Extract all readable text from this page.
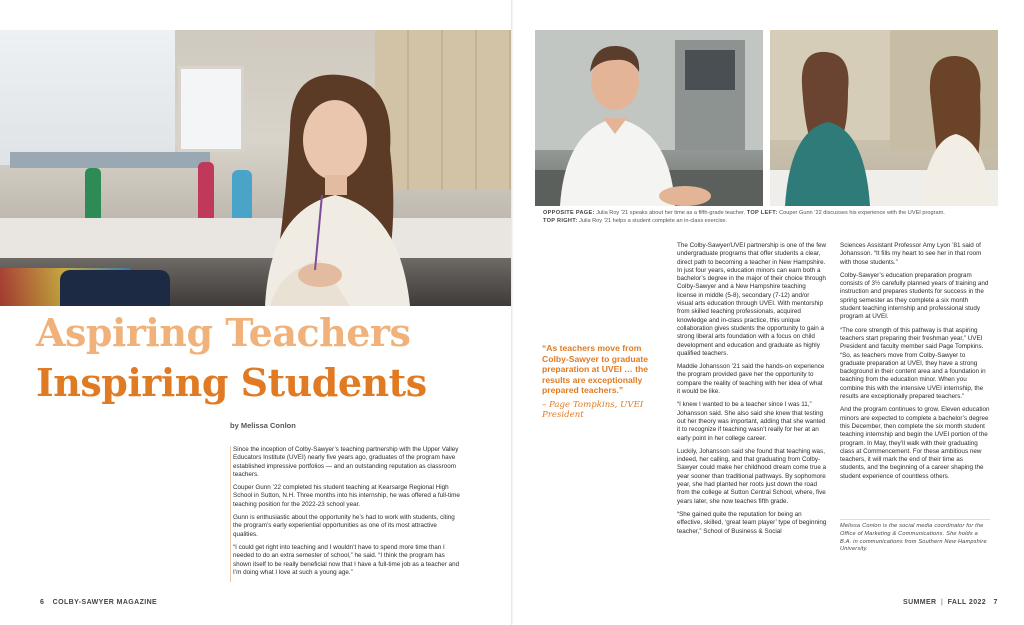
OPPOSITE PAGE: Julia Roy ’21 speaks about her time as a fifth-grade teacher. TOP LEFT: Couper Gunn ’22 discusses his experience with the UVEI program.
TOP RIGHT: Julia Roy ’21 helps a student complete an in-class exercise.
Aspiring Teachers
Inspiring Students
by Melissa Conlon

Since the inception of Colby-Sawyer’s teaching partnership with the Upper Valley Educators Institute (UVEI) nearly five years ago, graduates of the program have established impressive portfolios — and an outstanding reputation as classroom teachers.

Couper Gunn ’22 completed his student teaching at Kearsarge Regional High School in Sutton, N.H. Three months into his internship, he was offered a full-time teaching position for the 2022-23 school year.

Gunn is enthusiastic about the opportunity he’s had to work with students, citing the program’s early experiential opportunities as one of its most attractive qualities.

“I could get right into teaching and I wouldn’t have to spend more time than I needed to do an extra semester of school,” he said. “I think the program has shown itself to be really beneficial now that I have a full-time job as a teacher and I’m doing what I love at such a young age.”

“As teachers move from Colby-Sawyer to graduate preparation at UVEI … the results are exceptionally prepared teachers.”
– Page Tompkins, UVEI President

The Colby-Sawyer/UVEI partnership is one of the few undergraduate programs that offer students a clear, direct path to becoming a teacher in New Hampshire. In just four years, education minors can earn both a bachelor’s degree in the major of their choice through Colby-Sawyer and a New Hampshire teaching license in middle (5-8), secondary (7-12) and/or visual arts education through UVEI. With mentorship from skilled teaching professionals, acquired knowledge and in-class practice, this unique collaboration gives students the opportunity to gain a strong liberal arts foundation with a focus on child development and education and graduate as highly qualified teachers.

Maddie Johansson ’21 said the hands-on experience the program provided gave her the opportunity to compare the reality of teaching with her idea of what it would be like.

“I knew I wanted to be a teacher since I was 11,” Johansson said. She also said she knew that testing out her theory was important, adding that she wanted it to recognize if teaching wasn’t really for her at an early point in her college career.

Luckily, Johansson said she found that teaching was, indeed, her calling, and that graduating from Colby-Sawyer could make her childhood dream come true a year sooner than traditional pathways. By sophomore year, she had planted her roots just down the road from the college at Sutton Central School, where, five years later, she now teaches fifth grade.

“She gained quite the reputation for being an effective, skilled, ‘great team player’ type of beginning teacher,” School of Business & Social

Sciences Assistant Professor Amy Lyon ’81 said of Johansson. “It fills my heart to see her in that room with those students.”

Colby-Sawyer’s education preparation program consists of 3½ carefully planned years of training and instruction and prepares students for success in the spring semester as they complete a six month student teaching internship and professional study program at UVEI.

“The core strength of this pathway is that aspiring teachers start preparing their freshman year,” UVEI President and faculty member said Page Tompkins. “So, as teachers move from Colby-Sawyer to graduate preparation at UVEI, they have a strong background in their content area and a foundation in teaching from the education minor. When you combine this with the intensive UVEI internship, the results are exceptionally prepared teachers.”

And the program continues to grow. Eleven education minors are expected to complete a bachelor’s degree this December, then complete the six month student teaching internship and begin the UVEI portion of the program. In May, they’ll walk with their graduating class at Commencement. For these ambitious new teachers, it will mark the end of their time as students, and the beginning of a career shaping the student experience of countless others.

Melissa Conlon is the social media coordinator for the Office of Marketing & Communications. She holds a B.A. in communications from Southern New Hampshire University.
6 COLBY-SAWYER MAGAZINE	SUMMER | FALL 2022 7
